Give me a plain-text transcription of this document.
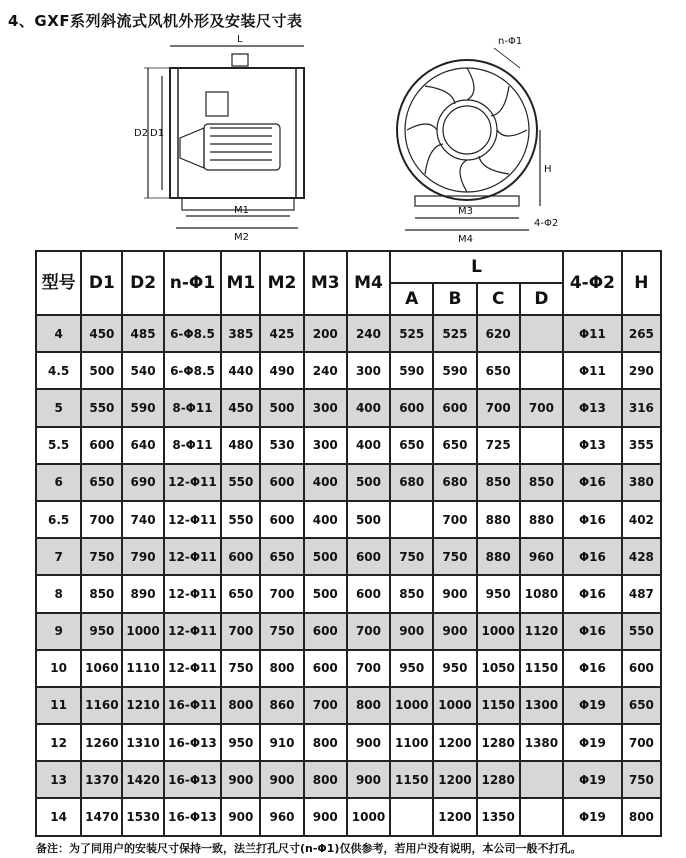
4、GXF系列斜流式风机外形及安装尺寸表
L
D2 D1
M1
M2
n-Φ1
H
M3
M4
4-Φ2
型号	D1	D2	n-Φ1	M1	M2	M3	M4	L				4-Φ2	H
								A	B	C	D		
4	450	485	6-Φ8.5	385	425	200	240	525	525	620		Φ11	265
4.5	500	540	6-Φ8.5	440	490	240	300	590	590	650		Φ11	290
5	550	590	8-Φ11	450	500	300	400	600	600	700	700	Φ13	316
5.5	600	640	8-Φ11	480	530	300	400	650	650	725		Φ13	355
6	650	690	12-Φ11	550	600	400	500	680	680	850	850	Φ16	380
6.5	700	740	12-Φ11	550	600	400	500		700	880	880	Φ16	402
7	750	790	12-Φ11	600	650	500	600	750	750	880	960	Φ16	428
8	850	890	12-Φ11	650	700	500	600	850	900	950	1080	Φ16	487
9	950	1000	12-Φ11	700	750	600	700	900	900	1000	1120	Φ16	550
10	1060	1110	12-Φ11	750	800	600	700	950	950	1050	1150	Φ16	600
11	1160	1210	16-Φ11	800	860	700	800	1000	1000	1150	1300	Φ19	650
12	1260	1310	16-Φ13	950	910	800	900	1100	1200	1280	1380	Φ19	700
13	1370	1420	16-Φ13	900	900	800	900	1150	1200	1280		Φ19	750
14	1470	1530	16-Φ13	900	960	900	1000		1200	1350		Φ19	800
备注：为了同用户的安装尺寸保持一致，法兰打孔尺寸(n-Φ1)仅供参考，若用户没有说明，本公司一般不打孔。
